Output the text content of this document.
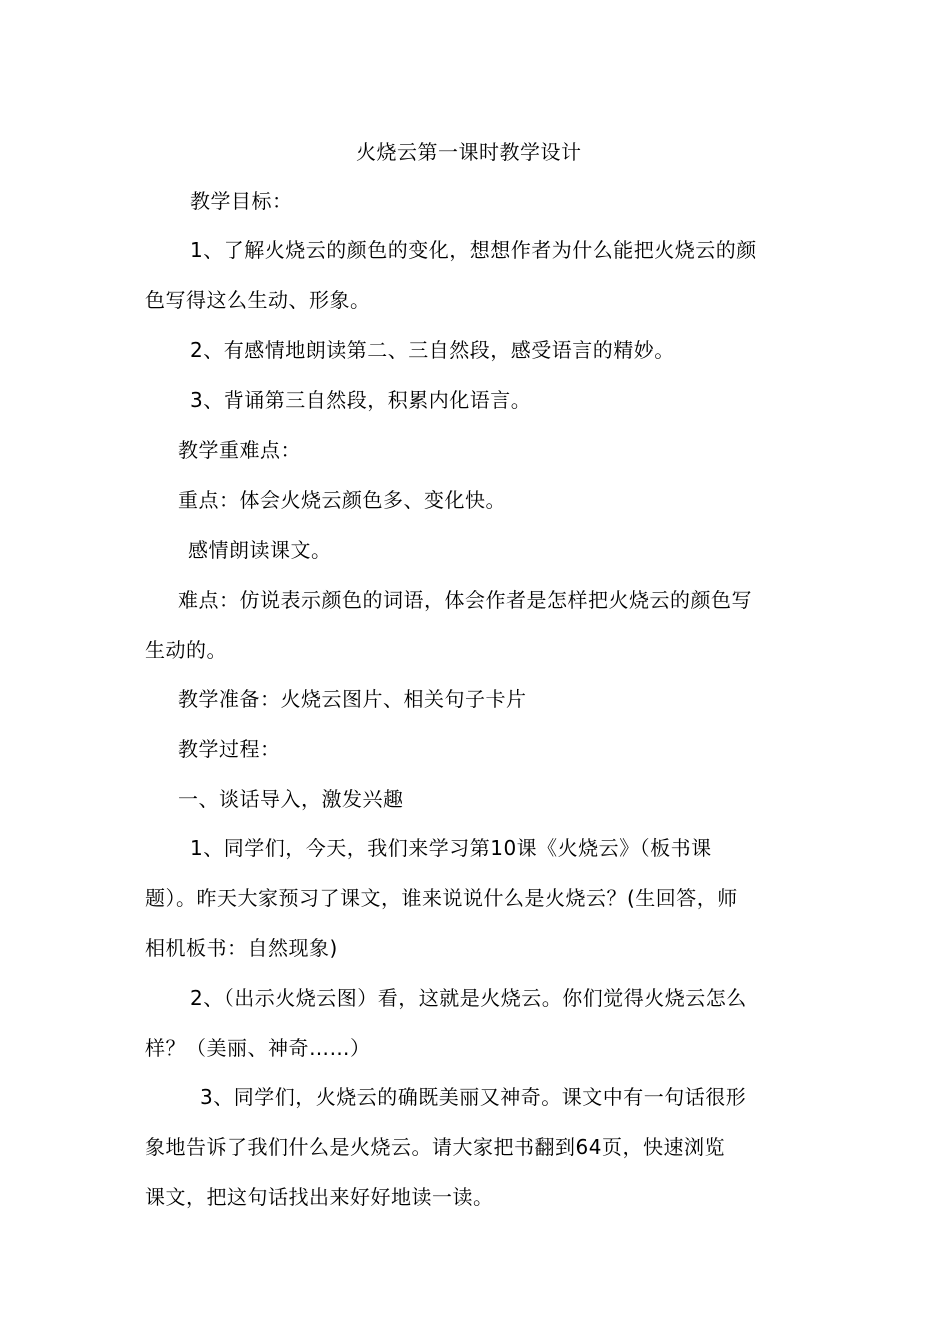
火烧云第一课时教学设计
教学目标：
1、了解火烧云的颜色的变化，想想作者为什么能把火烧云的颜
色写得这么生动、形象。
2、有感情地朗读第二、三自然段，感受语言的精妙。
3、背诵第三自然段，积累内化语言。
教学重难点：
重点：体会火烧云颜色多、变化快。
感情朗读课文。
难点：仿说表示颜色的词语，体会作者是怎样把火烧云的颜色写
生动的。
教学准备：火烧云图片、相关句子卡片
教学过程：
一、谈话导入，激发兴趣
1、同学们，今天，我们来学习第10课《火烧云》（板书课
题）。昨天大家预习了课文，谁来说说什么是火烧云？(生回答，师
相机板书：自然现象)
2、（出示火烧云图）看，这就是火烧云。你们觉得火烧云怎么
样？（美丽、神奇……）
3、同学们，火烧云的确既美丽又神奇。课文中有一句话很形
象地告诉了我们什么是火烧云。请大家把书翻到64页，快速浏览
课文，把这句话找出来好好地读一读。
